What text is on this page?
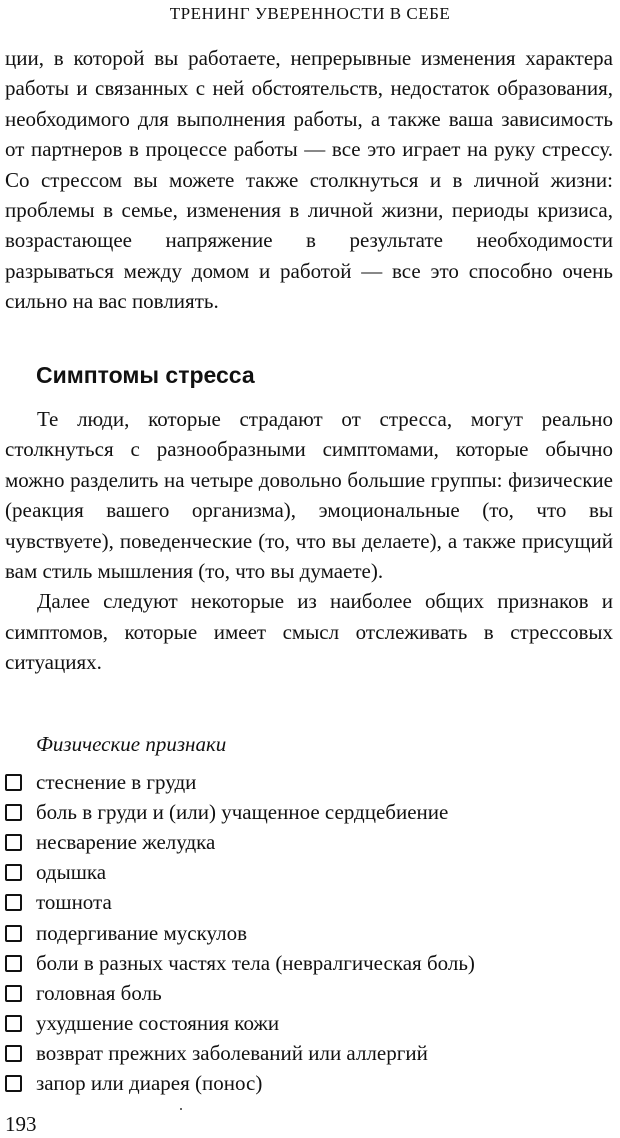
ТРЕНИНГ УВЕРЕННОСТИ В СЕБЕ

ции, в которой вы работаете, непрерывные изменения характера работы и связанных с ней обстоятельств, недостаток образования, необходимого для выполнения работы, а также ваша зависимость от партнеров в процессе работы — все это играет на руку стрессу. Со стрессом вы можете также столкнуться и в личной жизни: проблемы в семье, изменения в личной жизни, периоды кризиса, возрастающее напряжение в результате необходимости разрываться между домом и работой — все это способно очень сильно на вас повлиять.

Симптомы стресса

Те люди, которые страдают от стресса, могут реально столкнуться с разнообразными симптомами, которые обычно можно разделить на четыре довольно большие группы: физические (реакция вашего организма), эмоциональные (то, что вы чувствуете), поведенческие (то, что вы делаете), а также присущий вам стиль мышления (то, что вы думаете).

Далее следуют некоторые из наиболее общих признаков и симптомов, которые имеет смысл отслеживать в стрессовых ситуациях.

Физические признаки
стеснение в груди
боль в груди и (или) учащенное сердцебиение
несварение желудка
одышка
тошнота
подергивание мускулов
боли в разных частях тела (невралгическая боль)
головная боль
ухудшение состояния кожи
возврат прежних заболеваний или аллергий
запор или диарея (понос)
193
